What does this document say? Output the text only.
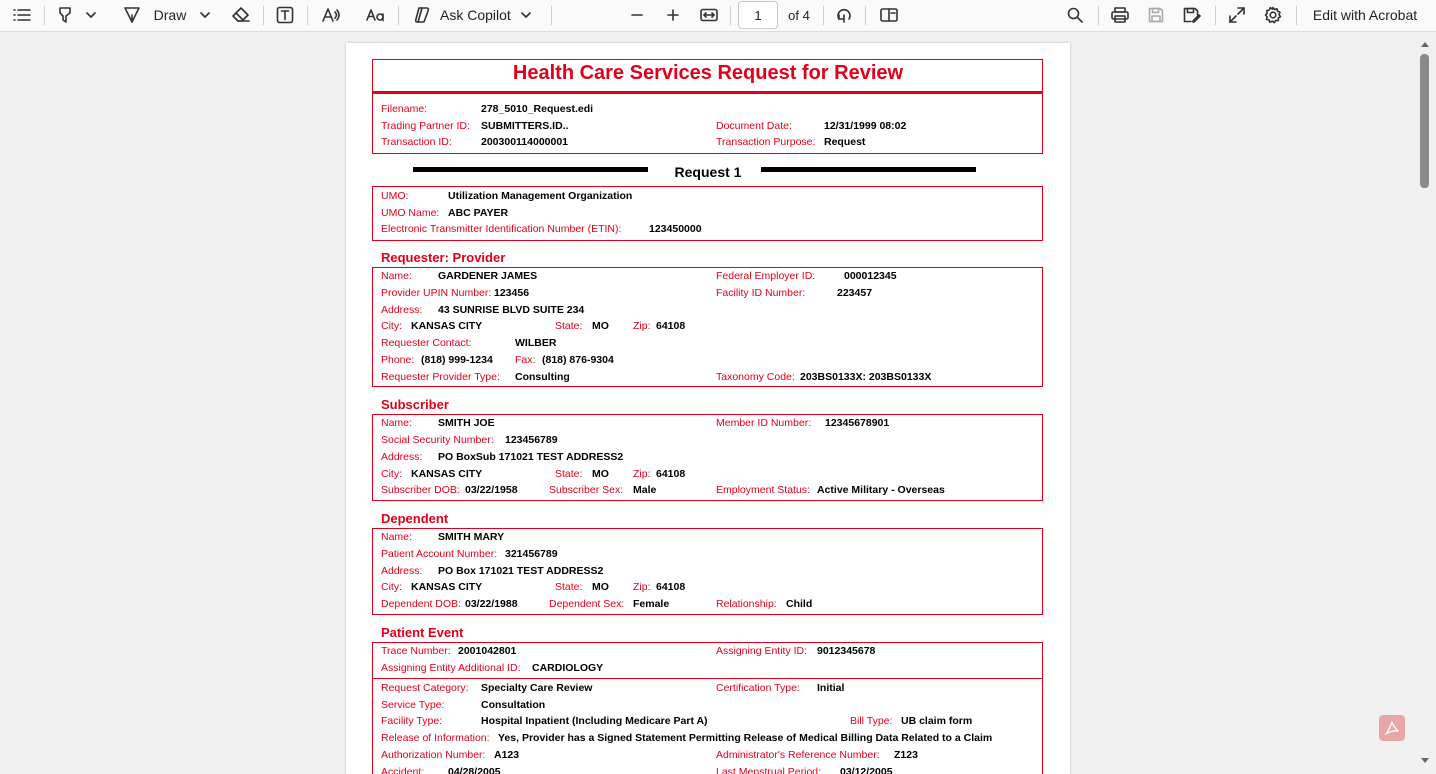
Draw	Ask Copilot
1	of 4	Edit with Acrobat
Health Care Services Request for Review
Filename:	278_5010_Request.edi
Trading Partner ID: SUBMITTERS.ID..	Document Date:	12/31/1999 08:02
Transaction ID:	200300114000001	Transaction Purpose: Request
Request 1
UMO:	Utilization Management Organization
UMO Name: ABC PAYER
Electronic Transmitter Identification Number (ETIN):	123450000
Requester: Provider
Name: GARDENER JAMES	Federal Employer ID:	000012345
Provider UPIN Number: 123456	Facility ID Number:	223457
Address: 43 SUNRISE BLVD SUITE 234
City: KANSAS CITY	State: MO Zip: 64108
Requester Contact:	WILBER
Phone: (818) 999-1234 Fax: (818) 876-9304
Requester Provider Type: Consulting	Taxonomy Code: 203BS0133X: 203BS0133X
Subscriber
Name: SMITH JOE	Member ID Number: 12345678901
Social Security Number: 123456789
Address: PO BoxSub 171021 TEST ADDRESS2
City: KANSAS CITY	State: MO Zip: 64108
Subscriber DOB: 03/22/1958	Subscriber Sex: Male	Employment Status: Active Military - Overseas
Dependent
Name: SMITH MARY
Patient Account Number: 321456789
Address: PO Box 171021 TEST ADDRESS2
City: KANSAS CITY	State: MO Zip: 64108
Dependent DOB: 03/22/1988	Dependent Sex: Female	Relationship: Child
Patient Event
Trace Number: 2001042801	Assigning Entity ID: 9012345678
Assigning Entity Additional ID: CARDIOLOGY
Request Category: Specialty Care Review	Certification Type: Initial
Service Type:	Consultation
Facility Type:	Hospital Inpatient (Including Medicare Part A)	Bill Type: UB claim form
Release of Information: Yes, Provider has a Signed Statement Permitting Release of Medical Billing Data Related to a Claim
Authorization Number: A123	Administrator's Reference Number: Z123
Accident: 04/28/2005	Last Menstrual Period: 03/12/2005
